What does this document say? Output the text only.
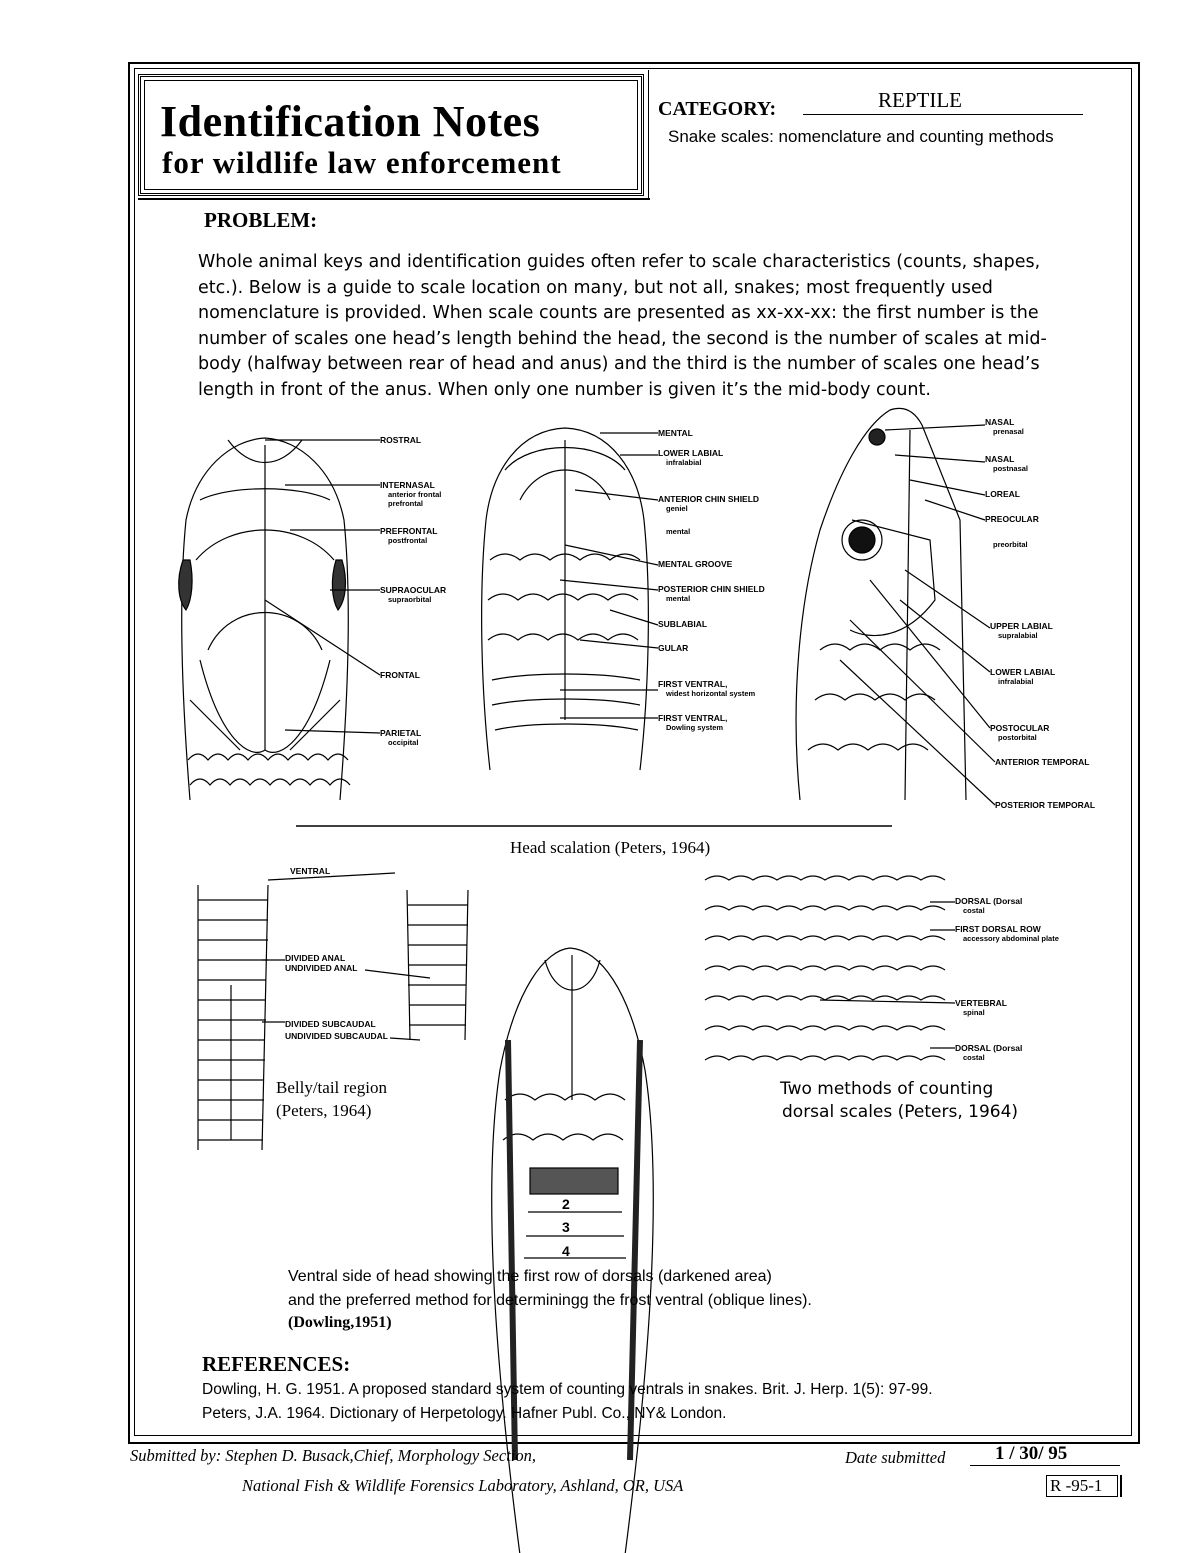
Identification Notes
for wildlife law enforcement
CATEGORY:	REPTILE
Snake scales: nomenclature and counting methods
PROBLEM:
Whole animal keys and identification guides often refer to scale characteristics (counts, shapes, etc.). Below is a guide to scale location on many, but not all, snakes; most frequently used nomenclature is provided. When scale counts are presented as xx-xx-xx: the first number is the number of scales one head’s length behind the head, the second is the number of scales at mid-body (halfway between rear of head and anus) and the third is the number of scales one head’s length in front of the anus. When only one number is given it’s the mid-body count.
ROSTRAL
INTERNASAL
anterior frontal
prefrontal
PREFRONTAL
postfrontal
SUPRAOCULAR
supraorbital
FRONTAL
PARIETAL
occipital
MENTAL
LOWER LABIAL
infralabial
ANTERIOR CHIN SHIELD
geniel
mental
MENTAL GROOVE
POSTERIOR CHIN SHIELD
mental
SUBLABIAL
GULAR
FIRST VENTRAL,
widest horizontal system
FIRST VENTRAL,
Dowling system
NASAL
prenasal
NASAL
postnasal
LOREAL
PREOCULAR
preorbital
UPPER LABIAL
supralabial
LOWER LABIAL
infralabial
POSTOCULAR
postorbital
ANTERIOR TEMPORAL
POSTERIOR TEMPORAL
Head scalation (Peters, 1964)
VENTRAL
DIVIDED ANAL
UNDIVIDED ANAL
DIVIDED SUBCAUDAL
UNDIVIDED SUBCAUDAL
Belly/tail region
(Peters, 1964)
DORSAL (Dorsal
costal
FIRST DORSAL ROW
accessory abdominal plate
VERTEBRAL
spinal
DORSAL (Dorsal
costal
Two methods of counting
dorsal scales (Peters, 1964)
2
3
4
Ventral side of head showing the first row of dorsals (darkened area)
and the preferred method for determiningg the frost ventral (oblique lines).
(Dowling,1951)
REFERENCES:
Dowling, H. G. 1951. A proposed standard system of counting ventrals in snakes. Brit. J. Herp. 1(5): 97-99.
Peters, J.A. 1964. Dictionary of Herpetology. Hafner Publ. Co., NY& London.
Submitted by: Stephen D. Busack,Chief, Morphology Section,
National Fish & Wildlife Forensics Laboratory, Ashland, OR, USA
Date submitted	1 / 30/ 95
R -95-1
